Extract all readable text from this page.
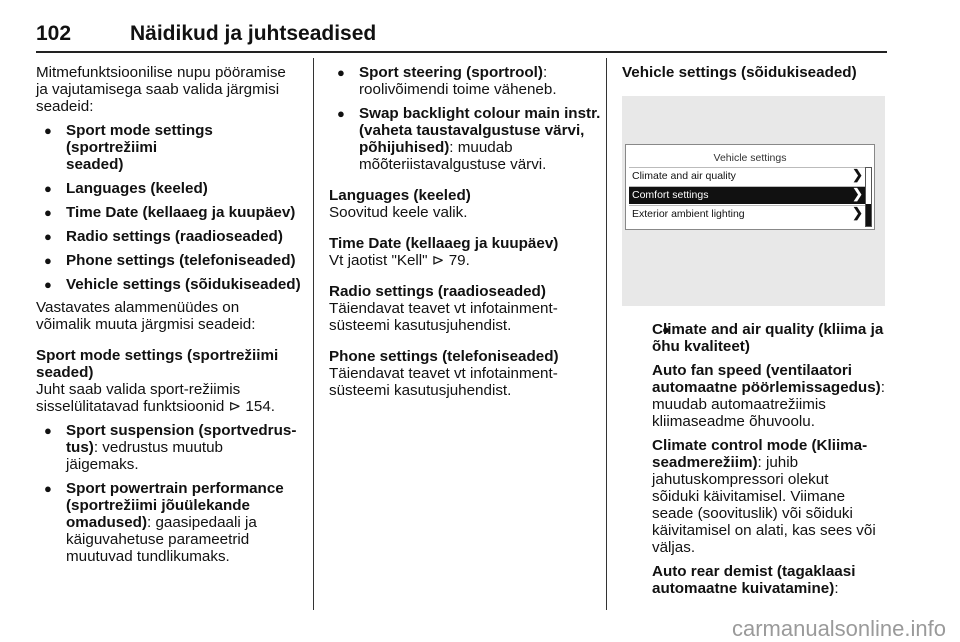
102	Näidikud ja juhtseadised

Mitmefunktsioonilise nupu pööramise
ja vajutamisega saab valida järgmisi
seadeid:

● Sport mode settings (sportrežiimi
seaded)

● Languages (keeled)

● Time Date (kellaaeg ja kuupäev)

● Radio settings (raadioseaded)

● Phone settings (telefoniseaded)

● Vehicle settings (sõidukiseaded)

Vastavates alammenüüdes on
võimalik muuta järgmisi seadeid:

Sport mode settings (sportrežiimi
seaded)

Juht saab valida sport-režiimis
sisselülitatavad funktsioonid ⊳ 154.

● Sport suspension (sportvedrus-
tus): vedrustus muutub
jäigemaks.

● Sport powertrain performance
(sportrežiimi jõuülekande
omadused): gaasipedaali ja
käiguvahetuse parameetrid
muutuvad tundlikumaks.

● Sport steering (sportrool):
roolivõimendi toime väheneb.

● Swap backlight colour main instr.
(vaheta taustavalgustuse värvi,
põhijuhised): muudab
mõõteriistavalgustuse värvi.

Languages (keeled)

Soovitud keele valik.

Time Date (kellaaeg ja kuupäev)

Vt jaotist "Kell" ⊳ 79.

Radio settings (raadioseaded)

Täiendavat teavet vt infotainment-
süsteemi kasutusjuhendist.

Phone settings (telefoniseaded)

Täiendavat teavet vt infotainment-
süsteemi kasutusjuhendist.

Vehicle settings (sõidukiseaded)

Vehicle settings
Climate and air quality	❯
Comfort settings	❯
Exterior ambient lighting	❯

● Climate and air quality (kliima ja
õhu kvaliteet)

Auto fan speed (ventilaatori
automaatne pöörlemissagedus):
muudab automaatrežiimis
kliimaseadme õhuvoolu.

Climate control mode (Kliima-
seadmerežiim): juhib
jahutuskompressori olekut
sõiduki käivitamisel. Viimane
seade (soovituslik) või sõiduki
käivitamisel on alati, kas sees või
väljas.

Auto rear demist (tagaklaasi
automaatne kuivatamine):

carmanualsonline.info
